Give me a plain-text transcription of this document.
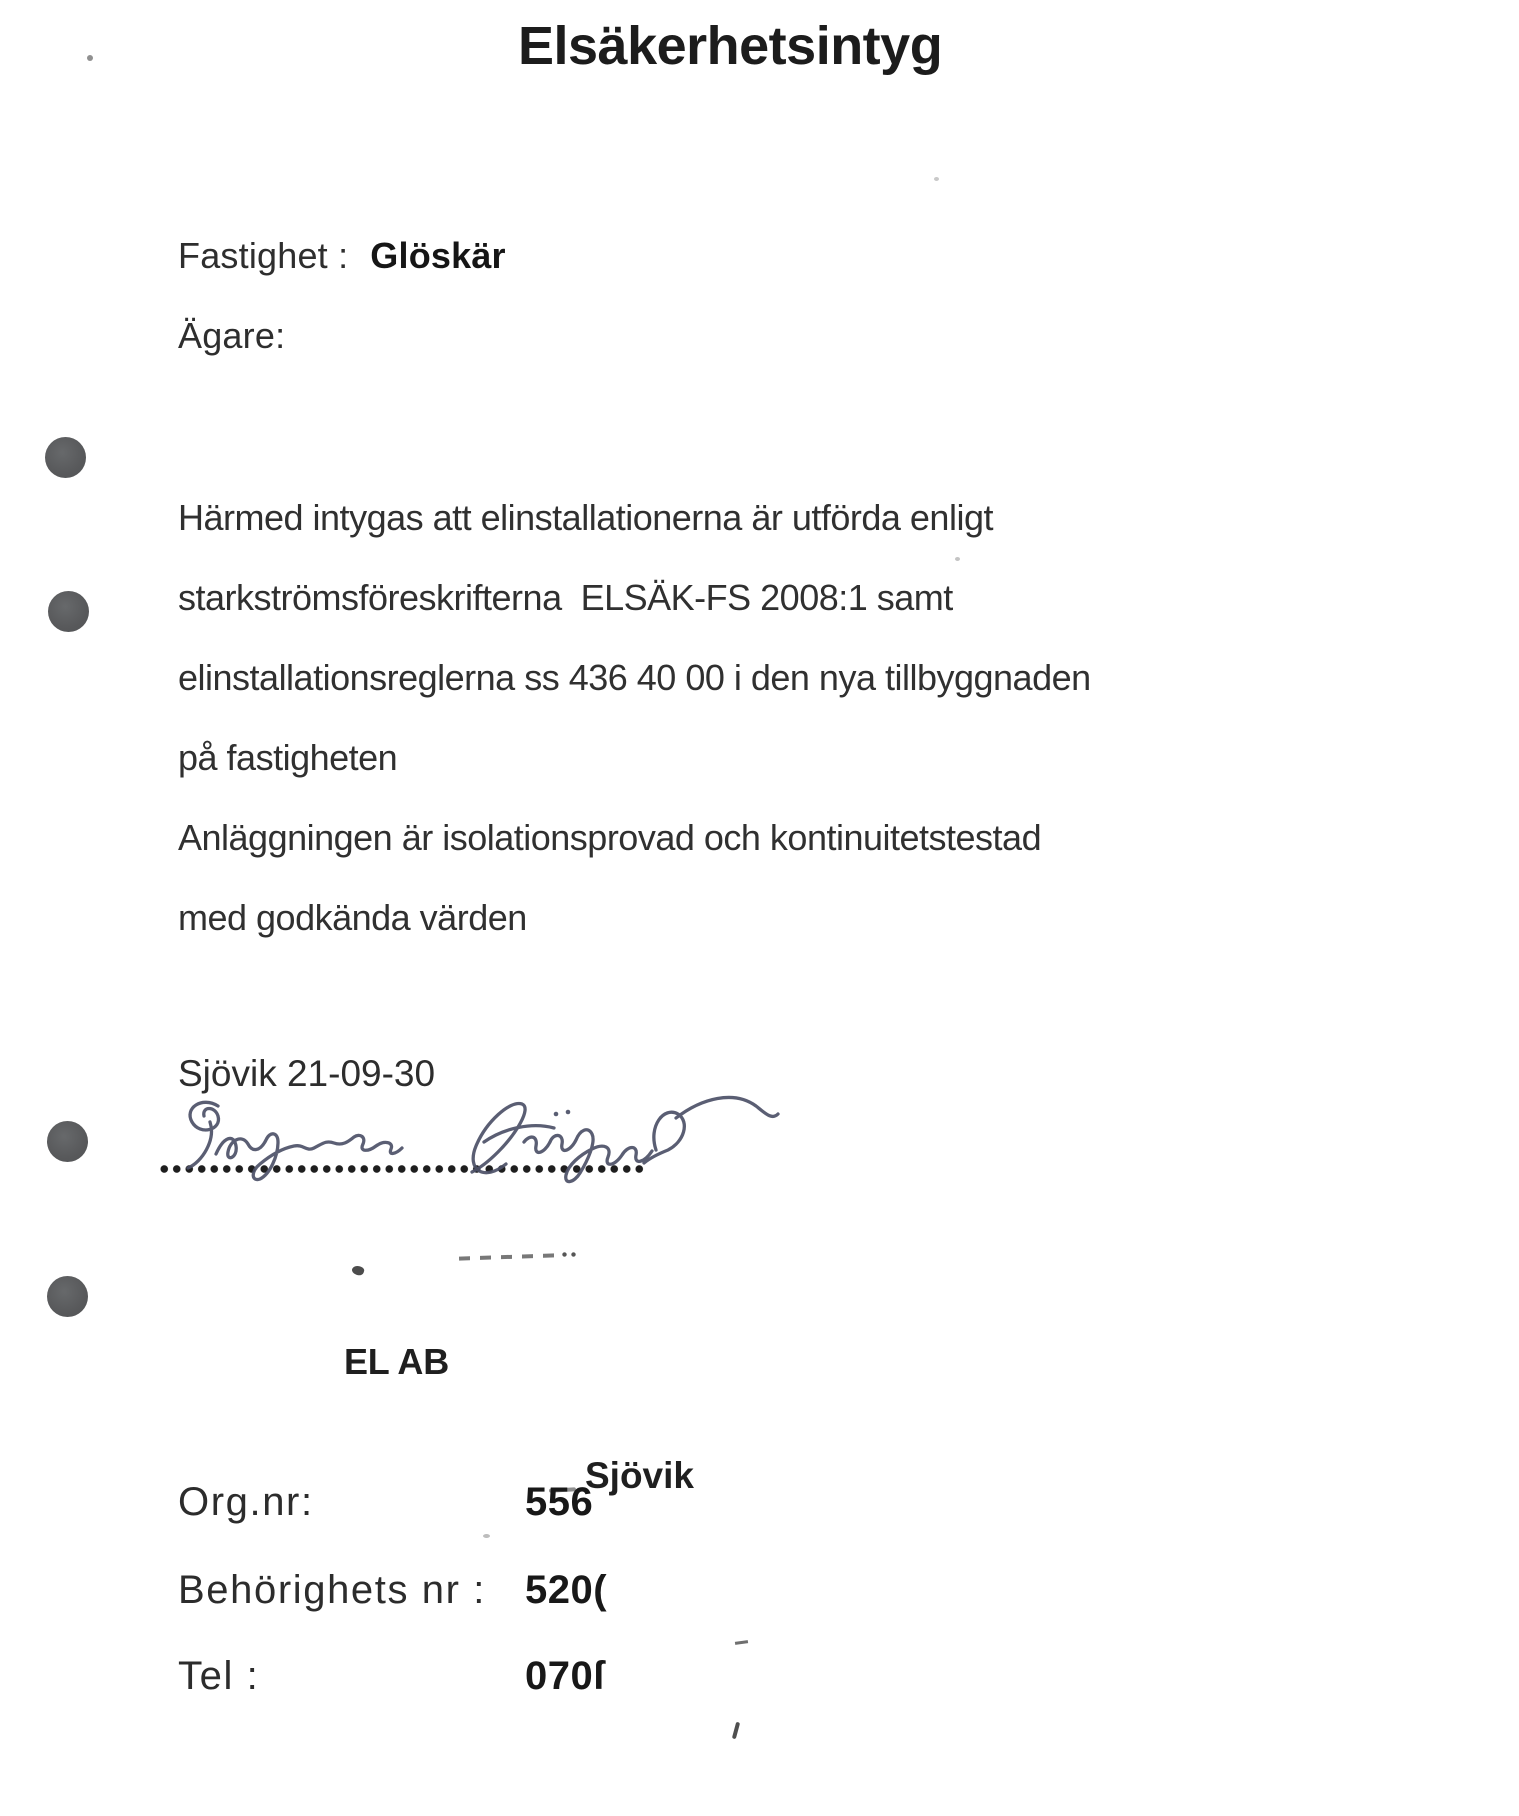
Elsäkerhetsintyg
Fastighet : Glöskär
Ägare:
Härmed intygas att elinstallationerna är utförda enligt
starkströmsföreskrifterna  ELSÄK-FS 2008:1 samt
elinstallationsreglerna ss 436 40 00 i den nya tillbyggnaden
på fastigheten
Anläggningen är isolationsprovad och kontinuitetstestad
med godkända värden
Sjövik 21-09-30
EL AB
Sjövik
Org.nr:	556
Behörighets nr : 520(
Tel :	070ſ
